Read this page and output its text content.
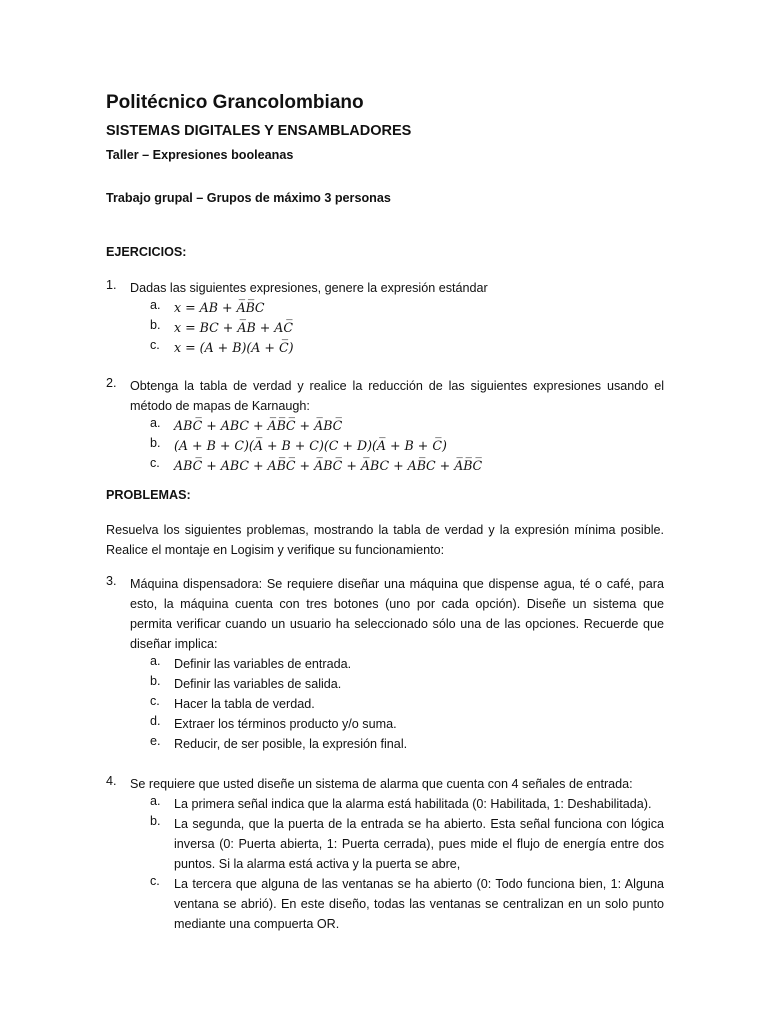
Politécnico Grancolombiano
SISTEMAS DIGITALES Y ENSAMBLADORES

Taller – Expresiones booleanas

Trabajo grupal – Grupos de máximo 3 personas

EJERCICIOS:

1. Dadas las siguientes expresiones, genere la expresión estándar
a. x = AB + A̅B̅C
b. x = BC + A̅B + AC̅
c. x = (A + B)(A + C̅)
2. Obtenga la tabla de verdad y realice la reducción de las siguientes expresiones usando el método de mapas de Karnaugh:
a. ABC̅ + ABC + A̅B̅C̅ + A̅BC̅
b. (A + B + C)(A̅ + B + C)(C + D)(A̅ + B + C̅)
c. ABC̅ + ABC + AB̅C̅ + A̅BC̅ + A̅BC + AB̅C + A̅B̅C̅

PROBLEMAS:

Resuelva los siguientes problemas, mostrando la tabla de verdad y la expresión mínima posible. Realice el montaje en Logisim y verifique su funcionamiento:

3. Máquina dispensadora: Se requiere diseñar una máquina que dispense agua, té o café, para esto, la máquina cuenta con tres botones (uno por cada opción). Diseñe un sistema que permita verificar cuando un usuario ha seleccionado sólo una de las opciones. Recuerde que diseñar implica:
a. Definir las variables de entrada.
b. Definir las variables de salida.
c. Hacer la tabla de verdad.
d. Extraer los términos producto y/o suma.
e. Reducir, de ser posible, la expresión final.
4. Se requiere que usted diseñe un sistema de alarma que cuenta con 4 señales de entrada:
a. La primera señal indica que la alarma está habilitada (0: Habilitada, 1: Deshabilitada).
b. La segunda, que la puerta de la entrada se ha abierto. Esta señal funciona con lógica inversa (0: Puerta abierta, 1: Puerta cerrada), pues mide el flujo de energía entre dos puntos. Si la alarma está activa y la puerta se abre,
c. La tercera que alguna de las ventanas se ha abierto (0: Todo funciona bien, 1: Alguna ventana se abrió). En este diseño, todas las ventanas se centralizan en un solo punto mediante una compuerta OR.
